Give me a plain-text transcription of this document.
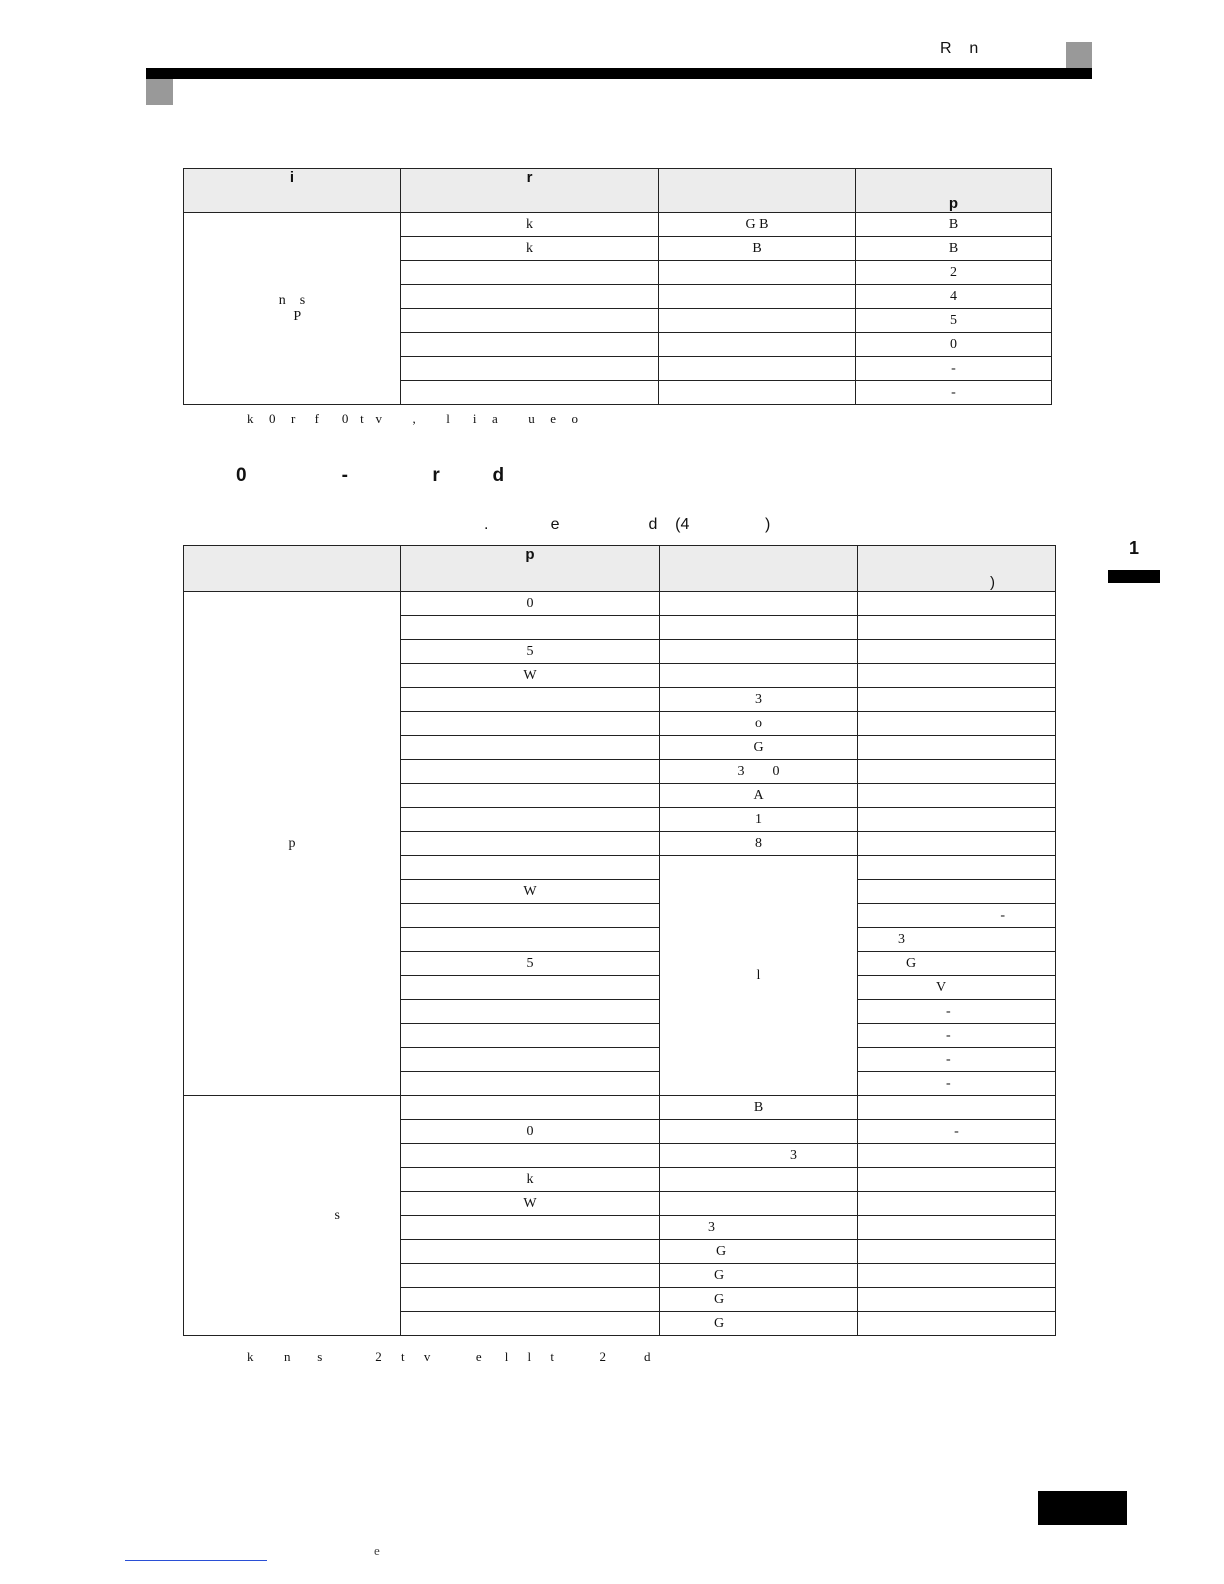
R    n
i	r		p
n    s
P	k	G B	B
	k	B	B
			2
			4
			5
			0
			-
			-
k    0    r     f      0   t   v        ,        l      i    a        u    e    o
0                  -                r          d
.              e                    d    (4                 )
1
	p		)
p	0		

	5		
	W		
		3	
		o	
		G	
		3        0	
		A	
		1	
		8	
		l	
	W		
			-
			3
	5		G
			V
			-
			-
			-
			-
s		B	
	0		-
		3	
	k		
	W		
		3	
		G	
		G	
		G	
		G	
k        n       s              2     t     v            e      l     l     t            2          d
e
